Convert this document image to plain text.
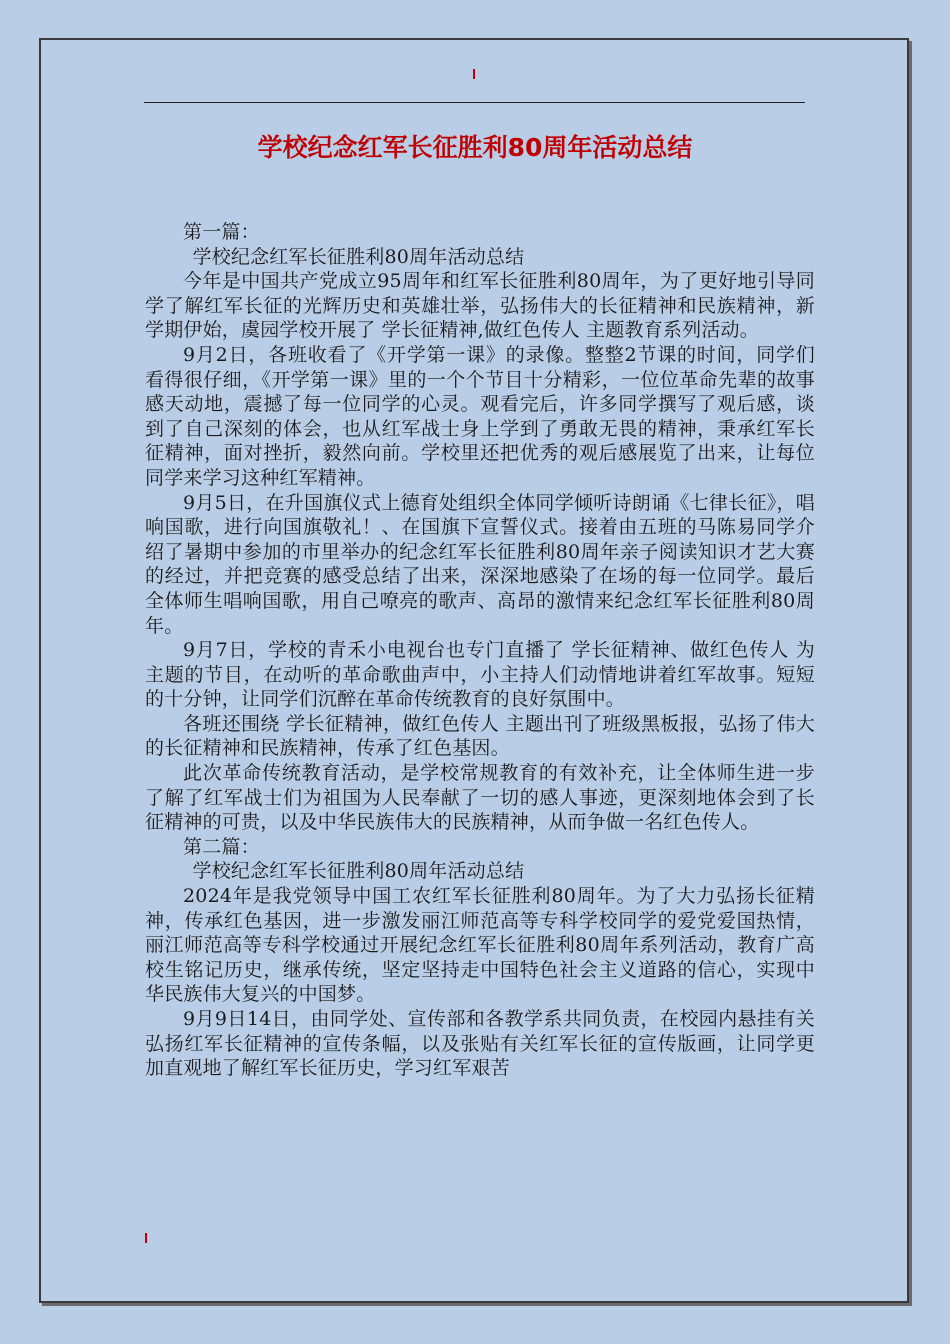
学校纪念红军长征胜利80周年活动总结

第一篇：

学校纪念红军长征胜利80周年活动总结

今年是中国共产党成立95周年和红军长征胜利80周年，为了更好地引导同学了解红军长征的光辉历史和英雄壮举，弘扬伟大的长征精神和民族精神，新学期伊始，虞园学校开展了 学长征精神,做红色传人 主题教育系列活动。

9月2日，各班收看了《开学第一课》的录像。整整2节课的时间，同学们看得很仔细，《开学第一课》里的一个个节目十分精彩，一位位革命先辈的故事感天动地，震撼了每一位同学的心灵。观看完后，许多同学撰写了观后感，谈到了自己深刻的体会，也从红军战士身上学到了勇敢无畏的精神，秉承红军长征精神，面对挫折，毅然向前。学校里还把优秀的观后感展览了出来，让每位同学来学习这种红军精神。

9月5日，在升国旗仪式上德育处组织全体同学倾听诗朗诵《七律长征》，唱响国歌，进行向国旗敬礼！、在国旗下宣誓仪式。接着由五班的马陈易同学介绍了暑期中参加的市里举办的纪念红军长征胜利80周年亲子阅读知识才艺大赛的经过，并把竞赛的感受总结了出来，深深地感染了在场的每一位同学。最后全体师生唱响国歌，用自己嘹亮的歌声、高昂的激情来纪念红军长征胜利80周年。

9月7日，学校的青禾小电视台也专门直播了 学长征精神、做红色传人 为主题的节目，在动听的革命歌曲声中，小主持人们动情地讲着红军故事。短短的十分钟，让同学们沉醉在革命传统教育的良好氛围中。

各班还围绕 学长征精神，做红色传人 主题出刊了班级黑板报，弘扬了伟大的长征精神和民族精神，传承了红色基因。

此次革命传统教育活动，是学校常规教育的有效补充，让全体师生进一步了解了红军战士们为祖国为人民奉献了一切的感人事迹，更深刻地体会到了长征精神的可贵，以及中华民族伟大的民族精神，从而争做一名红色传人。

第二篇：

学校纪念红军长征胜利80周年活动总结

2024年是我党领导中国工农红军长征胜利80周年。为了大力弘扬长征精神，传承红色基因，进一步激发丽江师范高等专科学校同学的爱党爱国热情，丽江师范高等专科学校通过开展纪念红军长征胜利80周年系列活动，教育广高校生铭记历史，继承传统，坚定坚持走中国特色社会主义道路的信心，实现中华民族伟大复兴的中国梦。

9月9日14日，由同学处、宣传部和各教学系共同负责，在校园内悬挂有关弘扬红军长征精神的宣传条幅，以及张贴有关红军长征的宣传版画，让同学更加直观地了解红军长征历史，学习红军艰苦
